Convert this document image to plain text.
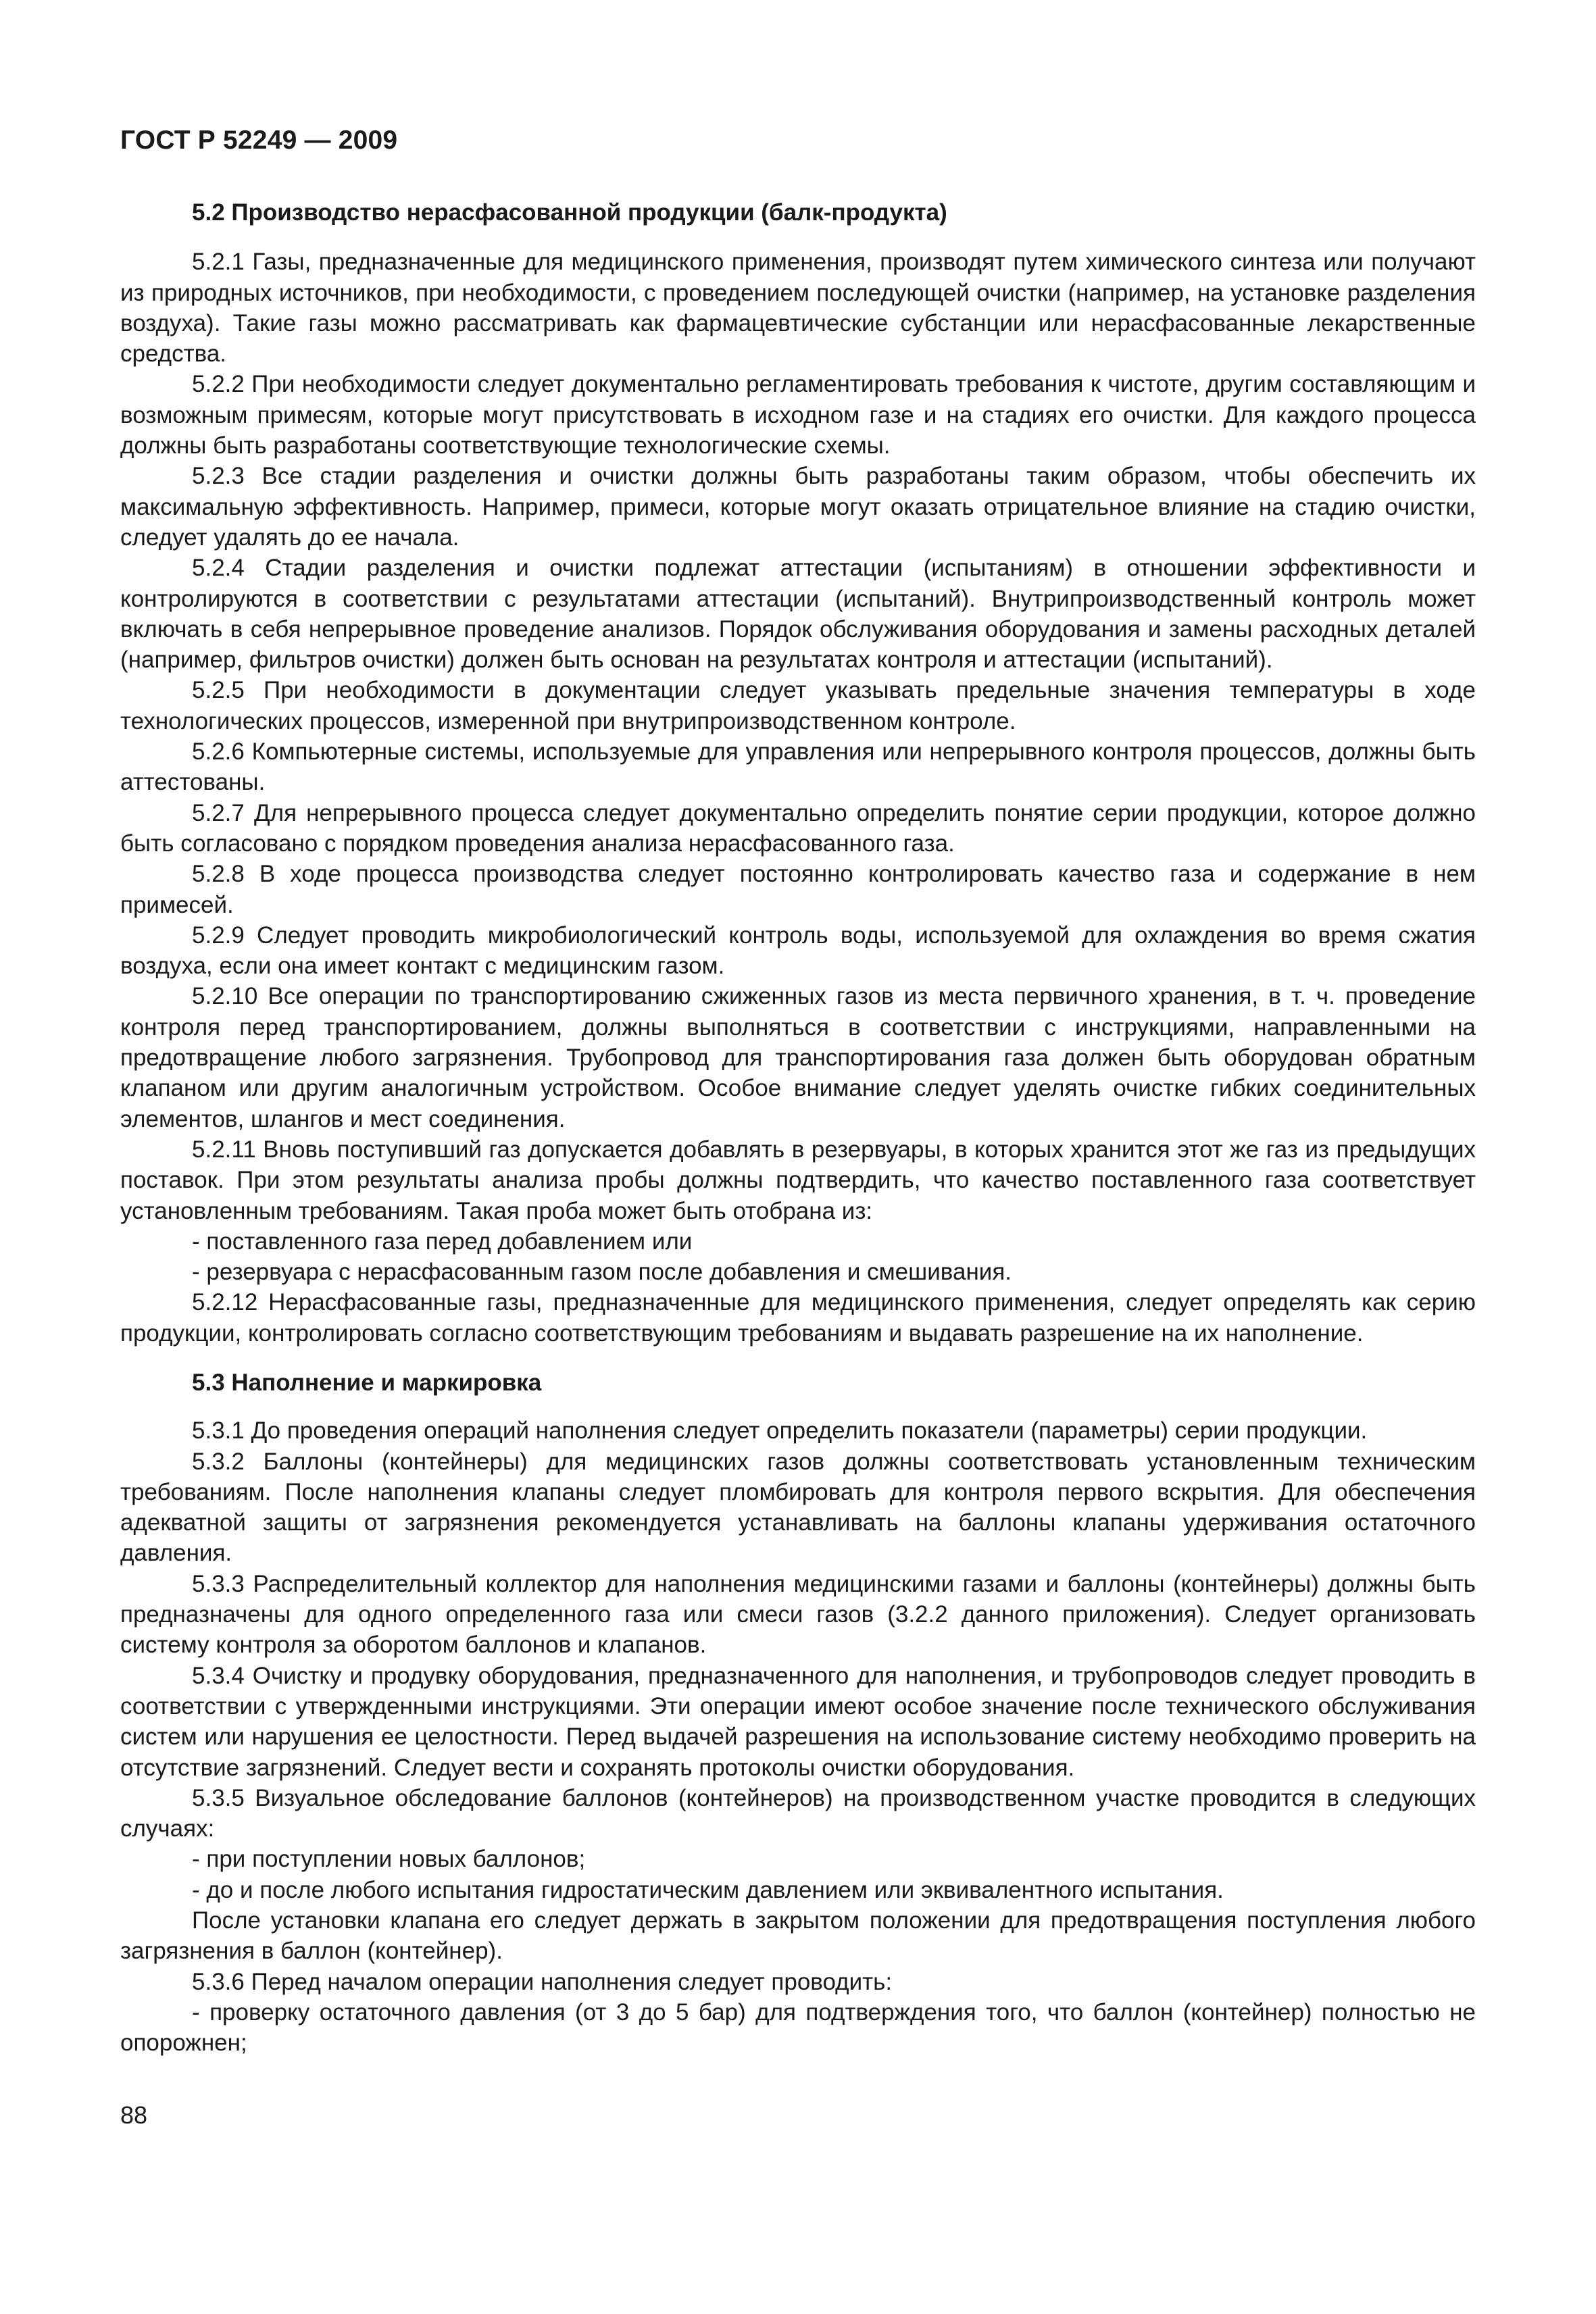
ГОСТ Р 52249 — 2009

5.2 Производство нерасфасованной продукции (балк-продукта)

5.2.1 Газы, предназначенные для медицинского применения, производят путем химического синтеза или получают из природных источников, при необходимости, с проведением последующей очистки (например, на установке разделения воздуха). Такие газы можно рассматривать как фармацевтические субстанции или нерасфасованные лекарственные средства.

5.2.2 При необходимости следует документально регламентировать требования к чистоте, другим составляющим и возможным примесям, которые могут присутствовать в исходном газе и на стадиях его очистки. Для каждого процесса должны быть разработаны соответствующие технологические схемы.

5.2.3 Все стадии разделения и очистки должны быть разработаны таким образом, чтобы обеспечить их максимальную эффективность. Например, примеси, которые могут оказать отрицательное влияние на стадию очистки, следует удалять до ее начала.

5.2.4 Стадии разделения и очистки подлежат аттестации (испытаниям) в отношении эффективности и контролируются в соответствии с результатами аттестации (испытаний). Внутрипроизводственный контроль может включать в себя непрерывное проведение анализов. Порядок обслуживания оборудования и замены расходных деталей (например, фильтров очистки) должен быть основан на результатах контроля и аттестации (испытаний).

5.2.5 При необходимости в документации следует указывать предельные значения температуры в ходе технологических процессов, измеренной при внутрипроизводственном контроле.

5.2.6 Компьютерные системы, используемые для управления или непрерывного контроля процессов, должны быть аттестованы.

5.2.7 Для непрерывного процесса следует документально определить понятие серии продукции, которое должно быть согласовано с порядком проведения анализа нерасфасованного газа.

5.2.8 В ходе процесса производства следует постоянно контролировать качество газа и содержание в нем примесей.

5.2.9 Следует проводить микробиологический контроль воды, используемой для охлаждения во время сжатия воздуха, если она имеет контакт с медицинским газом.

5.2.10 Все операции по транспортированию сжиженных газов из места первичного хранения, в т. ч. проведение контроля перед транспортированием, должны выполняться в соответствии с инструкциями, направленными на предотвращение любого загрязнения. Трубопровод для транспортирования газа должен быть оборудован обратным клапаном или другим аналогичным устройством. Особое внимание следует уделять очистке гибких соединительных элементов, шлангов и мест соединения.

5.2.11 Вновь поступивший газ допускается добавлять в резервуары, в которых хранится этот же газ из предыдущих поставок. При этом результаты анализа пробы должны подтвердить, что качество поставленного газа соответствует установленным требованиям. Такая проба может быть отобрана из:

- поставленного газа перед добавлением или

- резервуара с нерасфасованным газом после добавления и смешивания.

5.2.12 Нерасфасованные газы, предназначенные для медицинского применения, следует определять как серию продукции, контролировать согласно соответствующим требованиям и выдавать разрешение на их наполнение.

5.3 Наполнение и маркировка

5.3.1 До проведения операций наполнения следует определить показатели (параметры) серии продукции.

5.3.2 Баллоны (контейнеры) для медицинских газов должны соответствовать установленным техническим требованиям. После наполнения клапаны следует пломбировать для контроля первого вскрытия. Для обеспечения адекватной защиты от загрязнения рекомендуется устанавливать на баллоны клапаны удерживания остаточного давления.

5.3.3 Распределительный коллектор для наполнения медицинскими газами и баллоны (контейнеры) должны быть предназначены для одного определенного газа или смеси газов (3.2.2 данного приложения). Следует организовать систему контроля за оборотом баллонов и клапанов.

5.3.4 Очистку и продувку оборудования, предназначенного для наполнения, и трубопроводов следует проводить в соответствии с утвержденными инструкциями. Эти операции имеют особое значение после технического обслуживания систем или нарушения ее целостности. Перед выдачей разрешения на использование систему необходимо проверить на отсутствие загрязнений. Следует вести и сохранять протоколы очистки оборудования.

5.3.5 Визуальное обследование баллонов (контейнеров) на производственном участке проводится в следующих случаях:

- при поступлении новых баллонов;

- до и после любого испытания гидростатическим давлением или эквивалентного испытания.

После установки клапана его следует держать в закрытом положении для предотвращения поступления любого загрязнения в баллон (контейнер).

5.3.6 Перед началом операции наполнения следует проводить:

- проверку остаточного давления (от 3 до 5 бар) для подтверждения того, что баллон (контейнер) полностью не опорожнен;

88
